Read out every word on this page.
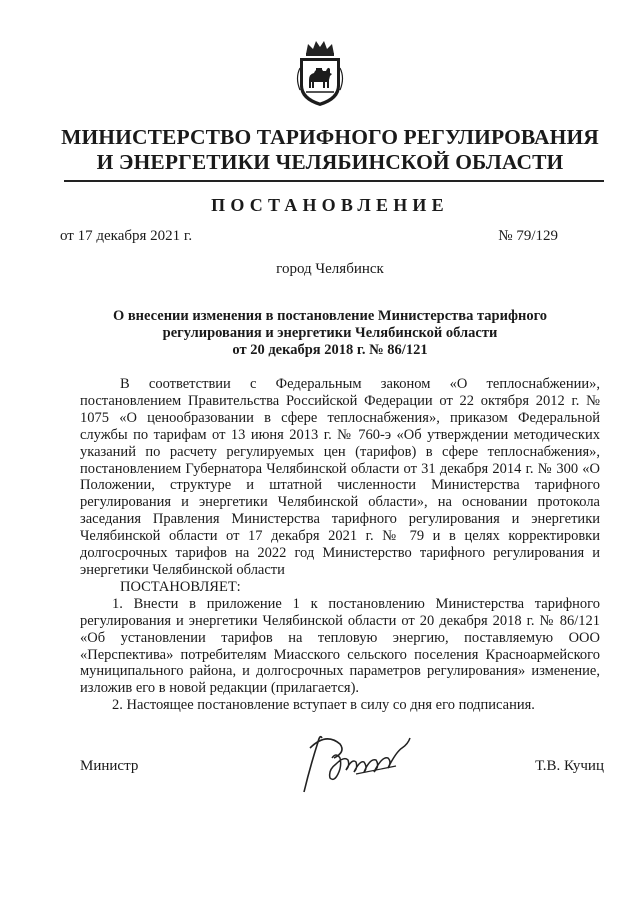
МИНИСТЕРСТВО ТАРИФНОГО РЕГУЛИРОВАНИЯ
И ЭНЕРГЕТИКИ ЧЕЛЯБИНСКОЙ ОБЛАСТИ
ПОСТАНОВЛЕНИЕ
от 17 декабря 2021 г.	№ 79/129
город Челябинск
О внесении изменения в постановление Министерства тарифного
регулирования и энергетики Челябинской области
от 20 декабря 2018 г. № 86/121

В соответствии с Федеральным законом «О теплоснабжении», постановлением Правительства Российской Федерации от 22 октября 2012 г. № 1075 «О ценообразовании в сфере теплоснабжения», приказом Федеральной службы по тарифам от 13 июня 2013 г. № 760-э «Об утверждении методических указаний по расчету регулируемых цен (тарифов) в сфере теплоснабжения», постановлением Губернатора Челябинской области от 31 декабря 2014 г. № 300 «О Положении, структуре и штатной численности Министерства тарифного регулирования и энергетики Челябинской области», на основании протокола заседания Правления Министерства тарифного регулирования и энергетики Челябинской области от 17 декабря 2021 г. № 79 и в целях корректировки долгосрочных тарифов на 2022 год Министерство тарифного регулирования и энергетики Челябинской области

ПОСТАНОВЛЯЕТ:

1. Внести в приложение 1 к постановлению Министерства тарифного регулирования и энергетики Челябинской области от 20 декабря 2018 г. № 86/121 «Об установлении тарифов на тепловую энергию, поставляемую ООО «Перспектива» потребителям Миасского сельского поселения Красноармейского муниципального района, и долгосрочных параметров регулирования» изменение, изложив его в новой редакции (прилагается).

2. Настоящее постановление вступает в силу со дня его подписания.

Министр	Т.В. Кучиц
